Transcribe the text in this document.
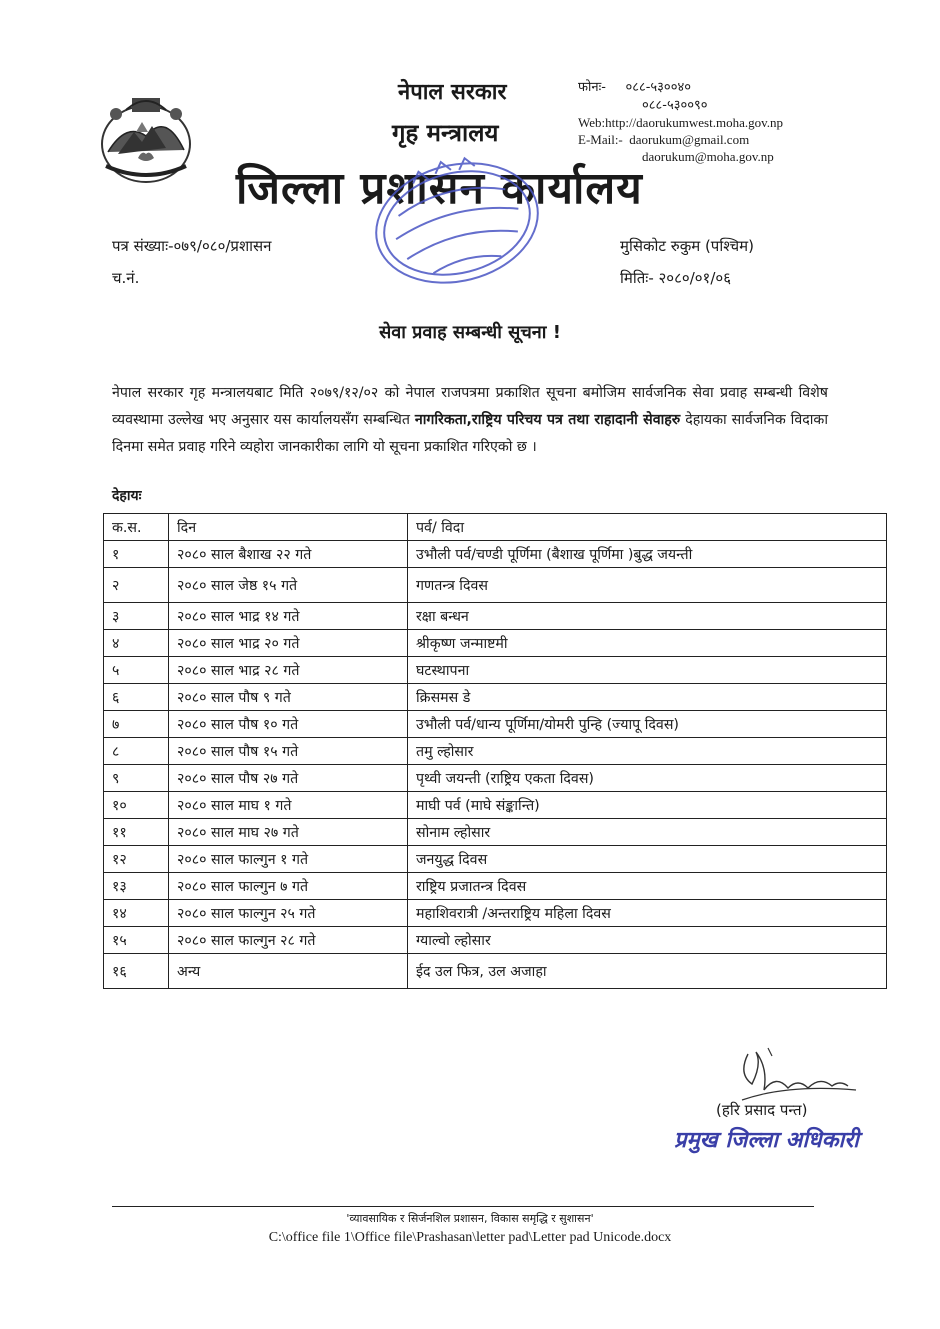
नेपाल सरकार
गृह मन्त्रालय
जिल्ला प्रशासन कार्यालय
फोनः- ०८८-५३००४०
०८८-५३००९०
Web:http://daorukumwest.moha.gov.np
E-Mail:- daorukum@gmail.com
daorukum@moha.gov.np
पत्र संख्याः-०७९/०८०/प्रशासन
च.नं.
मुसिकोट रुकुम (पश्चिम)
मितिः- २०८०/०१/०६
सेवा प्रवाह सम्बन्धी सूचना !
नेपाल सरकार गृह मन्त्रालयबाट मिति २०७९/१२/०२ को नेपाल राजपत्रमा प्रकाशित सूचना बमोजिम सार्वजनिक सेवा प्रवाह सम्बन्धी विशेष व्यवस्थामा उल्लेख भए अनुसार यस कार्यालयसँग सम्बन्धित नागरिकता,राष्ट्रिय परिचय पत्र तथा राहादानी सेवाहरु देहायका सार्वजनिक विदाका दिनमा समेत प्रवाह गरिने व्यहोरा जानकारीका लागि यो सूचना प्रकाशित गरिएको छ ।
देहायः
क.स.	दिन	पर्व/ विदा
१	२०८० साल बैशाख २२ गते	उभौली पर्व/चण्डी पूर्णिमा (बैशाख पूर्णिमा )बुद्ध जयन्ती
२	२०८० साल जेष्ठ १५ गते	गणतन्त्र दिवस
३	२०८० साल भाद्र १४ गते	रक्षा बन्धन
४	२०८० साल भाद्र २० गते	श्रीकृष्ण जन्माष्टमी
५	२०८० साल भाद्र २८ गते	घटस्थापना
६	२०८० साल पौष ९ गते	क्रिसमस डे
७	२०८० साल पौष १० गते	उभौली पर्व/धान्य पूर्णिमा/योमरी पुन्हि (ज्यापू दिवस)
८	२०८० साल पौष १५ गते	तमु ल्होसार
९	२०८० साल पौष २७ गते	पृथ्वी जयन्ती (राष्ट्रिय एकता दिवस)
१०	२०८० साल माघ १ गते	माघी पर्व (माघे संङ्कान्ति)
११	२०८० साल माघ २७ गते	सोनाम ल्होसार
१२	२०८० साल फाल्गुन १ गते	जनयुद्ध दिवस
१३	२०८० साल फाल्गुन ७ गते	राष्ट्रिय प्रजातन्त्र दिवस
१४	२०८० साल फाल्गुन २५ गते	महाशिवरात्री /अन्तराष्ट्रिय महिला दिवस
१५	२०८० साल फाल्गुन २८ गते	ग्याल्वो ल्होसार
१६	अन्य	ईद उल फित्र, उल अजाहा
(हरि प्रसाद पन्त)
प्रमुख जिल्ला अधिकारी
'व्यावसायिक र सिर्जनशिल प्रशासन, विकास समृद्धि र सुशासन'
C:\office file 1\Office file\Prashasan\letter pad\Letter pad Unicode.docx
